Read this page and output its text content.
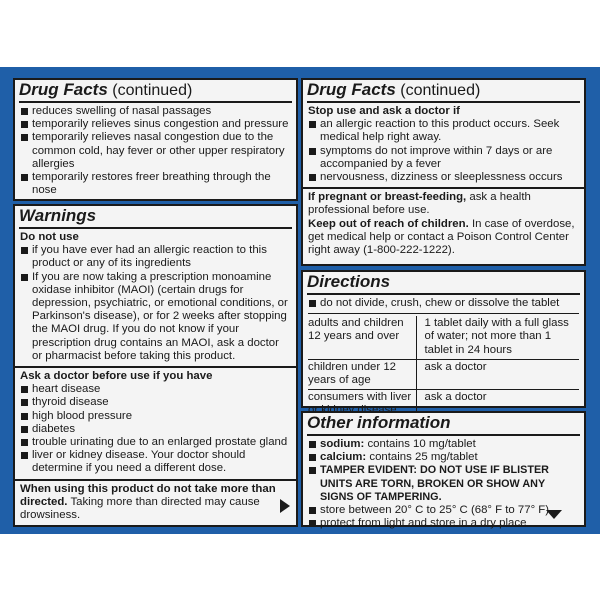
Drug Facts (continued)
reduces swelling of nasal passages
temporarily relieves sinus congestion and pressure
temporarily relieves nasal congestion due to the common cold, hay fever or other upper respiratory allergies
temporarily restores freer breathing through the nose
Warnings
Do not use
if you have ever had an allergic reaction to this product or any of its ingredients
If you are now taking a prescription monoamine oxidase inhibitor (MAOI) (certain drugs for depression, psychiatric, or emotional conditions, or Parkinson's disease), or for 2 weeks after stopping the MAOI drug. If you do not know if your prescription drug contains an MAOI, ask a doctor or pharmacist before taking this product.
Ask a doctor before use if you have
heart disease
thyroid disease
high blood pressure
diabetes
trouble urinating due to an enlarged prostate gland
liver or kidney disease. Your doctor should determine if you need a different dose.
When using this product do not take more than directed. Taking more than directed may cause drowsiness.
Drug Facts (continued)
Stop use and ask a doctor if
an allergic reaction to this product occurs. Seek medical help right away.
symptoms do not improve within 7 days or are accompanied by a fever
nervousness, dizziness or sleeplessness occurs
If pregnant or breast-feeding, ask a health professional before use.
Keep out of reach of children. In case of overdose, get medical help or contact a Poison Control Center right away (1-800-222-1222).
Directions
do not divide, crush, chew or dissolve the tablet
adults and children 12 years and over	1 tablet daily with a full glass of water; not more than 1 tablet in 24 hours
children under 12 years of age	ask a doctor
consumers with liver	ask a doctor
Other information
sodium: contains 10 mg/tablet
calcium: contains 25 mg/tablet
TAMPER EVIDENT: DO NOT USE IF BLISTER UNITS ARE TORN, BROKEN OR SHOW ANY SIGNS OF TAMPERING.
store between 20° C to 25° C (68° F to 77° F)
protect from light and store in a dry place
